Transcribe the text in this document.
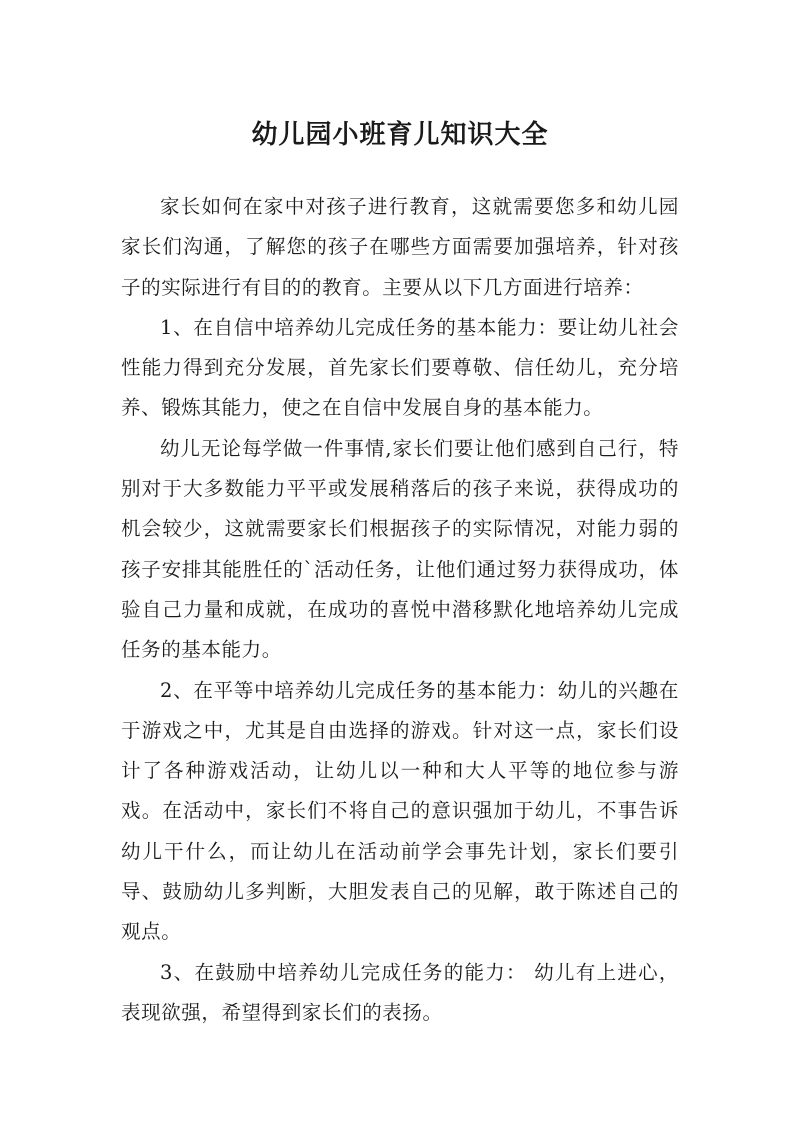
幼儿园小班育儿知识大全

家长如何在家中对孩子进行教育，这就需要您多和幼儿园家长们沟通，了解您的孩子在哪些方面需要加强培养，针对孩子的实际进行有目的的教育。主要从以下几方面进行培养：

1、在自信中培养幼儿完成任务的基本能力：要让幼儿社会性能力得到充分发展，首先家长们要尊敬、信任幼儿，充分培养、锻炼其能力，使之在自信中发展自身的基本能力。

幼儿无论每学做一件事情,家长们要让他们感到自己行，特别对于大多数能力平平或发展稍落后的孩子来说，获得成功的机会较少，这就需要家长们根据孩子的实际情况，对能力弱的孩子安排其能胜任的`活动任务，让他们通过努力获得成功，体验自己力量和成就，在成功的喜悦中潜移默化地培养幼儿完成任务的基本能力。

2、在平等中培养幼儿完成任务的基本能力：幼儿的兴趣在于游戏之中，尤其是自由选择的游戏。针对这一点，家长们设计了各种游戏活动，让幼儿以一种和大人平等的地位参与游戏。在活动中，家长们不将自己的意识强加于幼儿，不事告诉幼儿干什么，而让幼儿在活动前学会事先计划，家长们要引导、鼓励幼儿多判断，大胆发表自己的见解，敢于陈述自己的观点。

3、在鼓励中培养幼儿完成任务的能力： 幼儿有上进心，表现欲强，希望得到家长们的表扬。
